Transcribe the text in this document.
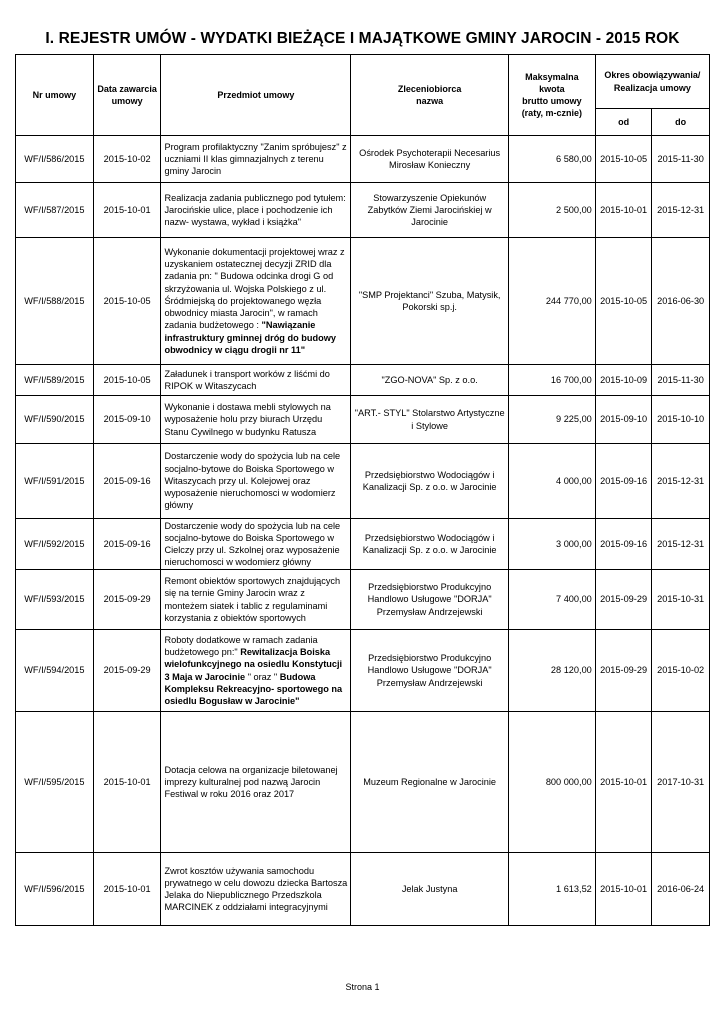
I. REJESTR UMÓW - WYDATKI BIEŻĄCE I MAJĄTKOWE GMINY JAROCIN - 2015 ROK
Nr umowy	Data zawarcia umowy	Przedmiot umowy	Zleceniobiorca
nazwa	Maksymalna kwota
brutto umowy
(raty, m-cznie)	Okres obowiązywania/
Realizacja umowy	
					od	do
WF/I/586/2015	2015-10-02	Program profilaktyczny "Zanim spróbujesz" z uczniami II klas gimnazjalnych z terenu gminy Jarocin	Ośrodek Psychoterapii Necesarius Mirosław Konieczny	6 580,00	2015-10-05	2015-11-30
WF/I/587/2015	2015-10-01	Realizacja zadania publicznego pod tytułem: Jarocińskie ulice, place i pochodzenie ich nazw- wystawa, wykład i książka"	Stowarzyszenie Opiekunów Zabytków Ziemi Jarocińskiej w Jarocinie	2 500,00	2015-10-01	2015-12-31
WF/I/588/2015	2015-10-05	Wykonanie dokumentacji projektowej wraz z uzyskaniem ostatecznej decyzji ZRID dla zadania pn: " Budowa odcinka drogi G od skrzyżowania ul. Wojska Polskiego z ul. Śródmiejską do projektowanego węzła obwodnicy miasta Jarocin", w ramach zadania budżetowego : "Nawiązanie infrastruktury gminnej dróg do budowy obwodnicy w ciągu drogii nr 11"	"SMP Projektanci" Szuba, Matysik, Pokorski sp.j.	244 770,00	2015-10-05	2016-06-30
WF/I/589/2015	2015-10-05	Załadunek i transport worków z liśćmi do RIPOK w Witaszycach	"ZGO-NOVA" Sp. z o.o.	16 700,00	2015-10-09	2015-11-30
WF/I/590/2015	2015-09-10	Wykonanie i dostawa mebli stylowych na wyposażenie holu przy biurach Urzędu Stanu Cywilnego w budynku Ratusza	"ART.- STYL" Stolarstwo Artystyczne i Stylowe	9 225,00	2015-09-10	2015-10-10
WF/I/591/2015	2015-09-16	Dostarczenie wody do spożycia lub na cele socjalno-bytowe do Boiska Sportowego w Witaszycach przy ul. Kolejowej oraz wyposażenie nieruchomosci w wodomierz główny	Przedsiębiorstwo Wodociągów i Kanalizacji Sp. z o.o. w Jarocinie	4 000,00	2015-09-16	2015-12-31
WF/I/592/2015	2015-09-16	Dostarczenie wody do spożycia lub na cele socjalno-bytowe do Boiska Sportowego w Cielczy przy ul. Szkolnej oraz wyposażenie nieruchomosci w wodomierz główny	Przedsiębiorstwo Wodociągów i Kanalizacji Sp. z o.o. w Jarocinie	3 000,00	2015-09-16	2015-12-31
WF/I/593/2015	2015-09-29	Remont obiektów sportowych znajdujących się na ternie Gminy Jarocin wraz z monteżem siatek i tablic z regulaminami korzystania z obiektów sportowych	Przedsiębiorstwo Produkcyjno Handlowo Usługowe "DORJA" Przemysław Andrzejewski	7 400,00	2015-09-29	2015-10-31
WF/I/594/2015	2015-09-29	Roboty dodatkowe w ramach zadania budżetowego pn:" Rewitalizacja Boiska wielofunkcyjnego na osiedlu Konstytucji 3 Maja w Jarocinie " oraz " Budowa Kompleksu Rekreacyjno- sportowego na osiedlu Bogusław w Jarocinie"	Przedsiębiorstwo Produkcyjno Handlowo Usługowe "DORJA" Przemysław Andrzejewski	28 120,00	2015-09-29	2015-10-02
WF/I/595/2015	2015-10-01	Dotacja celowa na organizacje biletowanej imprezy kulturalnej pod nazwą Jarocin Festiwal w roku 2016 oraz 2017	Muzeum Regionalne w Jarocinie	800 000,00	2015-10-01	2017-10-31
WF/I/596/2015	2015-10-01	Zwrot kosztów używania samochodu prywatnego w celu dowozu dziecka Bartosza Jelaka do Niepublicznego Przedszkola MARCINEK z oddziałami integracyjnymi	Jelak Justyna	1 613,52	2015-10-01	2016-06-24
Strona 1
